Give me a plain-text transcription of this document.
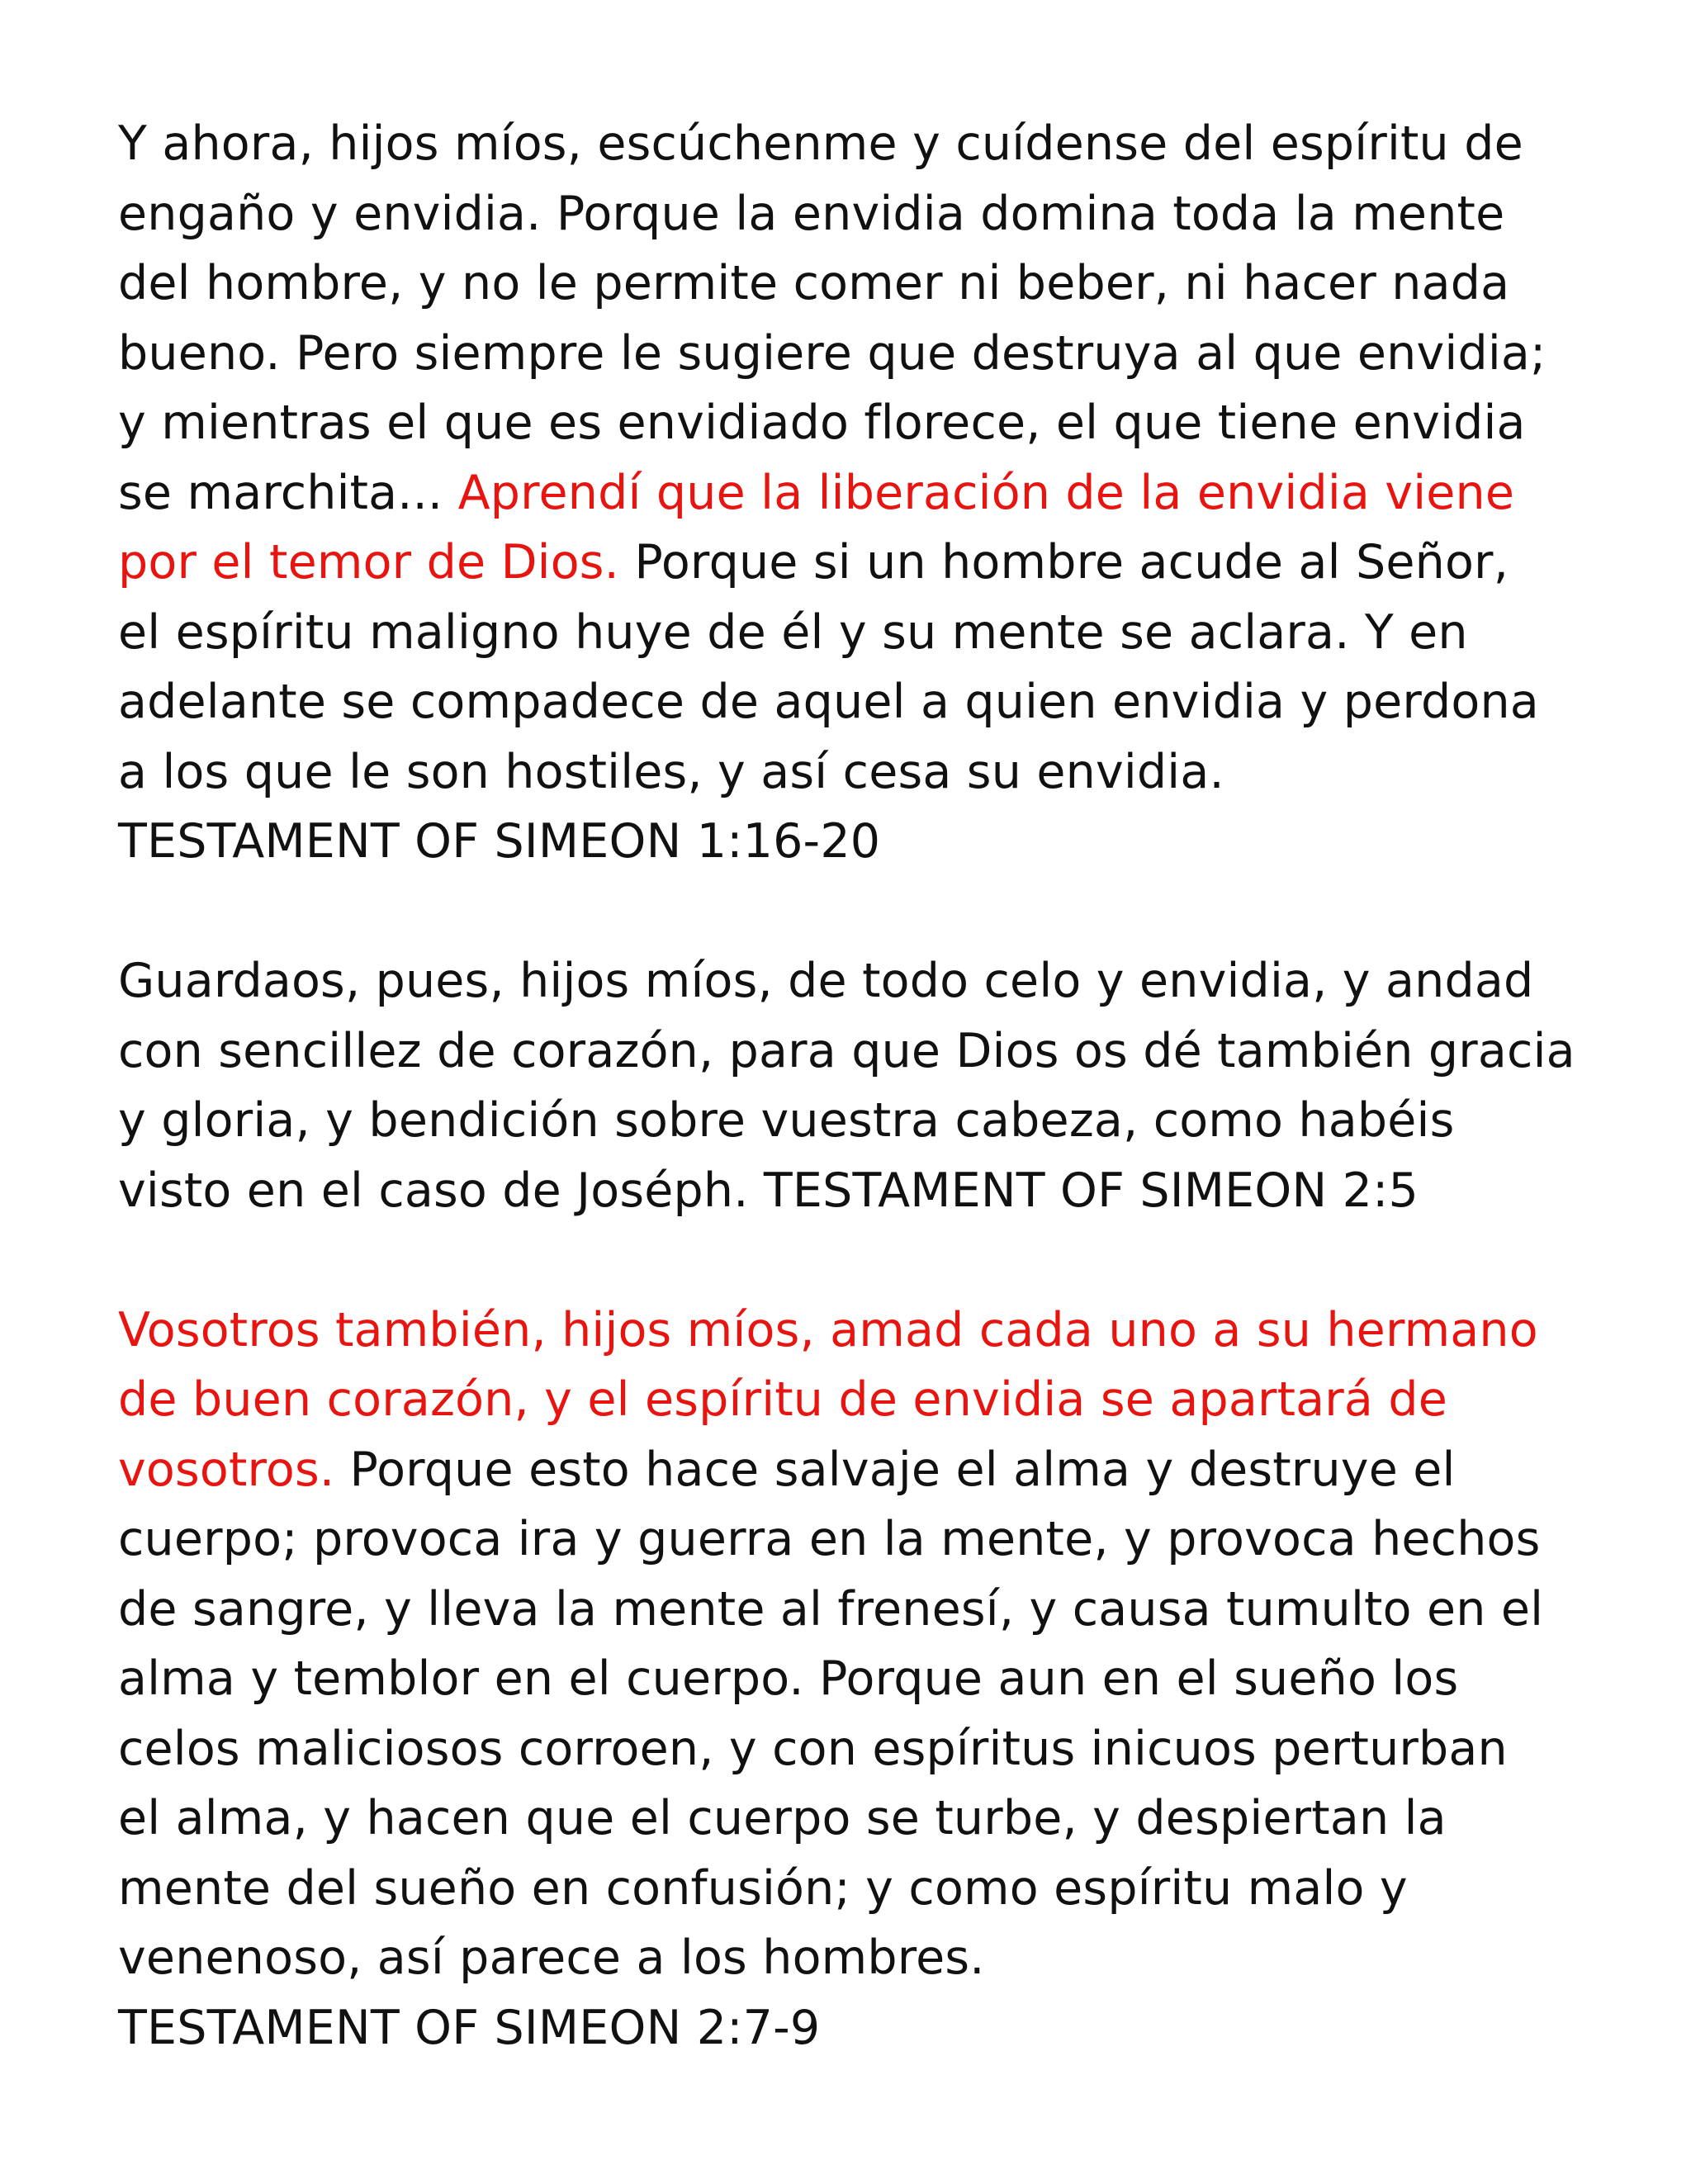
Y ahora, hijos míos, escúchenme y cuídense del espíritu de
engaño y envidia. Porque la envidia domina toda la mente
del hombre, y no le permite comer ni beber, ni hacer nada
bueno. Pero siempre le sugiere que destruya al que envidia;
y mientras el que es envidiado florece, el que tiene envidia
se marchita... Aprendí que la liberación de la envidia viene
por el temor de Dios. Porque si un hombre acude al Señor,
el espíritu maligno huye de él y su mente se aclara. Y en
adelante se compadece de aquel a quien envidia y perdona
a los que le son hostiles, y así cesa su envidia.
TESTAMENT OF SIMEON 1:16-20
Guardaos, pues, hijos míos, de todo celo y envidia, y andad
con sencillez de corazón, para que Dios os dé también gracia
y gloria, y bendición sobre vuestra cabeza, como habéis
visto en el caso de Joséph. TESTAMENT OF SIMEON 2:5
Vosotros también, hijos míos, amad cada uno a su hermano
de buen corazón, y el espíritu de envidia se apartará de
vosotros. Porque esto hace salvaje el alma y destruye el
cuerpo; provoca ira y guerra en la mente, y provoca hechos
de sangre, y lleva la mente al frenesí, y causa tumulto en el
alma y temblor en el cuerpo. Porque aun en el sueño los
celos maliciosos corroen, y con espíritus inicuos perturban
el alma, y hacen que el cuerpo se turbe, y despiertan la
mente del sueño en confusión; y como espíritu malo y
venenoso, así parece a los hombres.
TESTAMENT OF SIMEON 2:7-9
